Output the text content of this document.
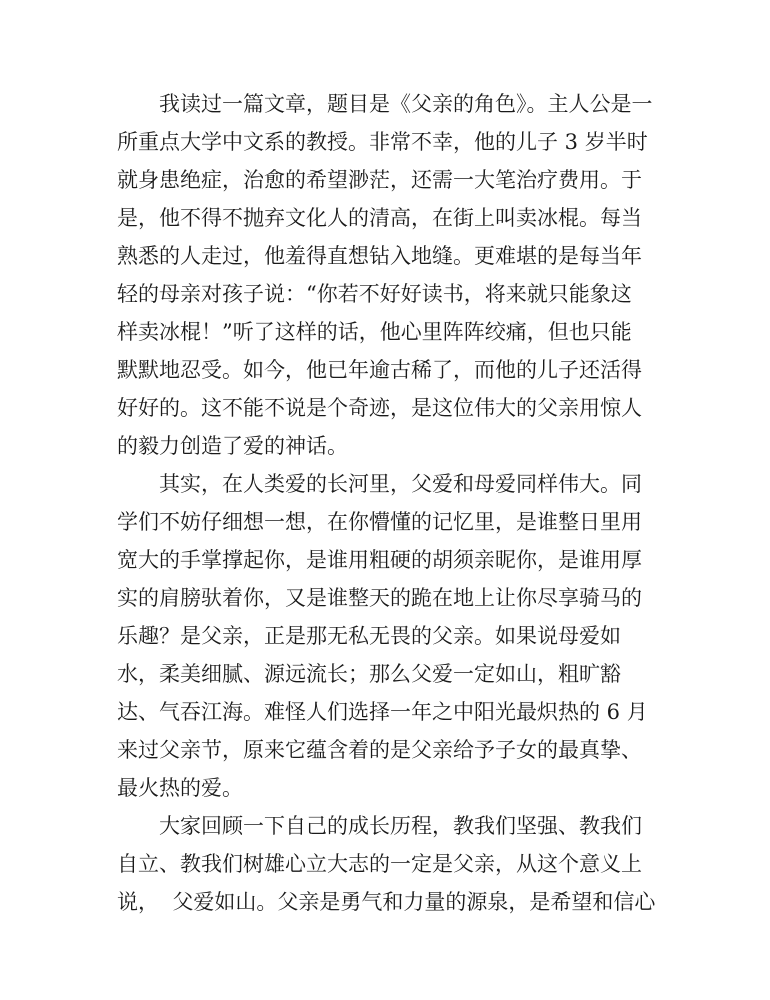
我读过一篇文章，题目是《父亲的角色》。主人公是一
所重点大学中文系的教授。非常不幸，他的儿子 3 岁半时
就身患绝症，治愈的希望渺茫，还需一大笔治疗费用。于
是，他不得不抛弃文化人的清高，在街上叫卖冰棍。每当
熟悉的人走过，他羞得直想钻入地缝。更难堪的是每当年
轻的母亲对孩子说：“你若不好好读书，将来就只能象这
样卖冰棍！”听了这样的话，他心里阵阵绞痛，但也只能
默默地忍受。如今，他已年逾古稀了，而他的儿子还活得
好好的。这不能不说是个奇迹，是这位伟大的父亲用惊人
的毅力创造了爱的神话。
其实，在人类爱的长河里，父爱和母爱同样伟大。同
学们不妨仔细想一想，在你懵懂的记忆里，是谁整日里用
宽大的手掌撑起你，是谁用粗硬的胡须亲昵你，是谁用厚
实的肩膀驮着你，又是谁整天的跪在地上让你尽享骑马的
乐趣？是父亲，正是那无私无畏的父亲。如果说母爱如
水，柔美细腻、源远流长；那么父爱一定如山，粗旷豁
达、气吞江海。难怪人们选择一年之中阳光最炽热的 6 月
来过父亲节，原来它蕴含着的是父亲给予子女的最真挚、
最火热的爱。
大家回顾一下自己的成长历程，教我们坚强、教我们
自立、教我们树雄心立大志的一定是父亲，从这个意义上
说，  父爱如山。父亲是勇气和力量的源泉，是希望和信心
